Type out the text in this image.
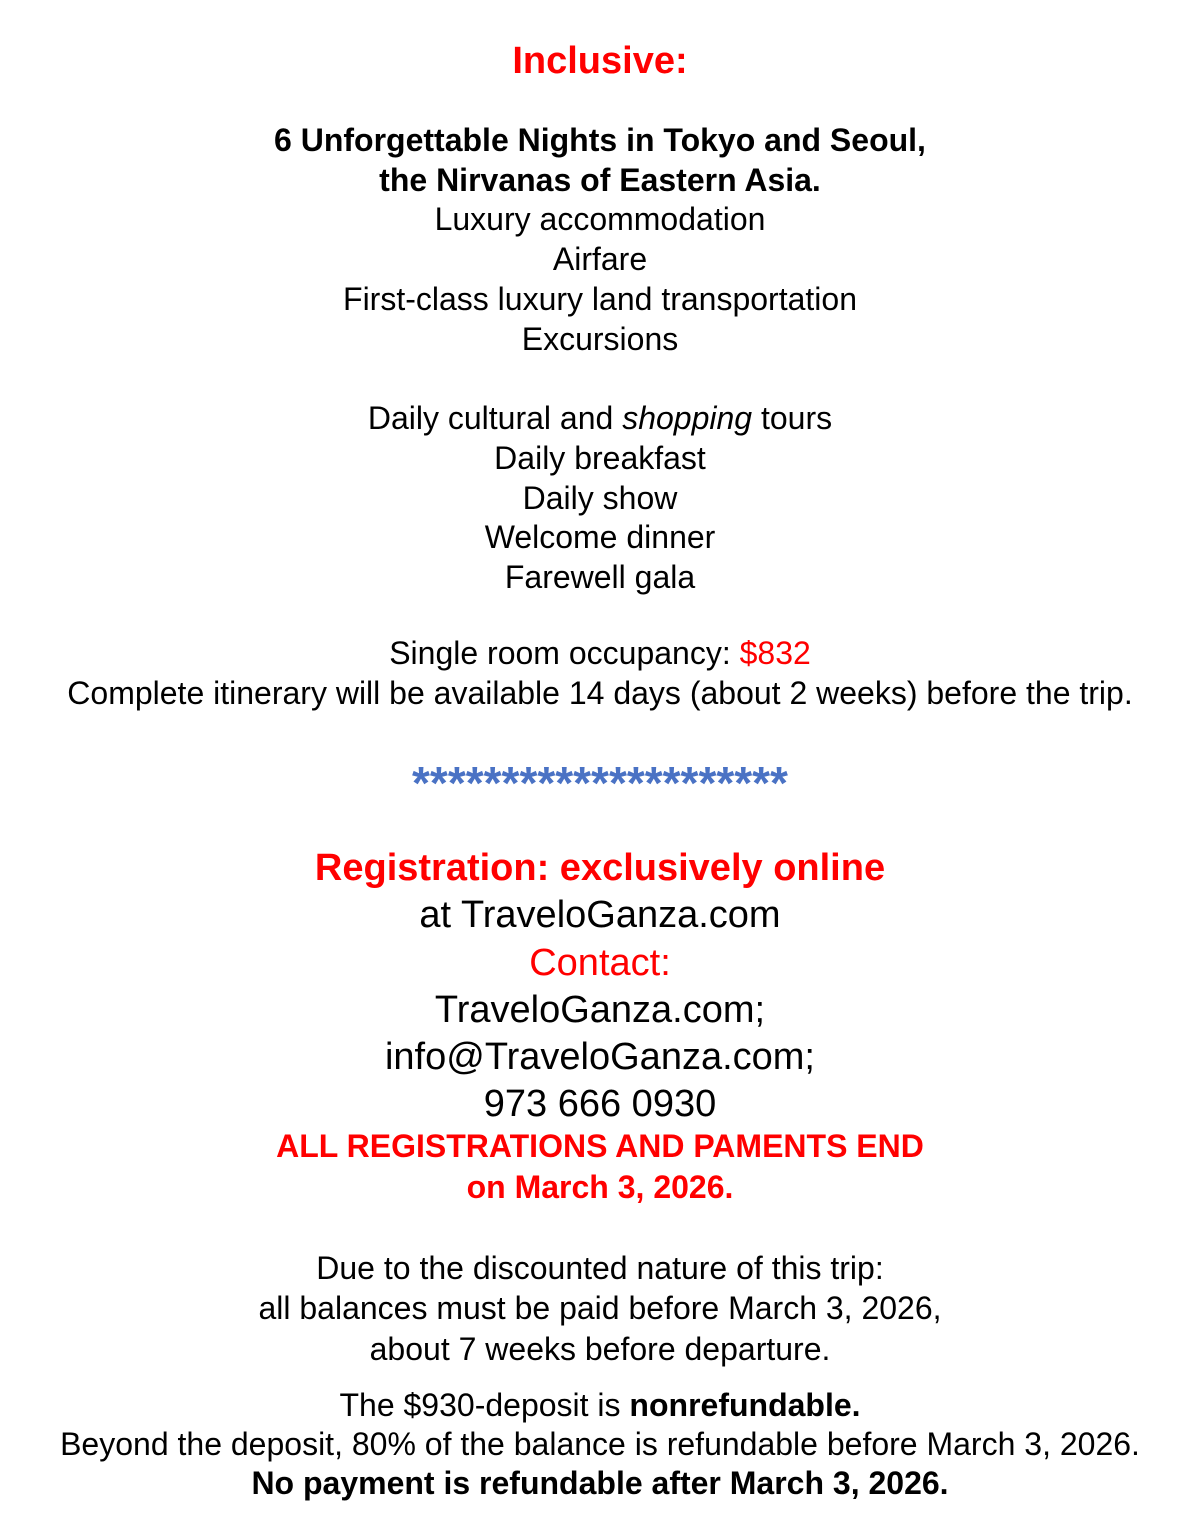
Inclusive:
6 Unforgettable Nights in Tokyo and Seoul,
the Nirvanas of Eastern Asia.
Luxury accommodation
Airfare
First-class luxury land transportation
Excursions
Daily cultural and shopping tours
Daily breakfast
Daily show
Welcome dinner
Farewell gala
Single room occupancy: $832
Complete itinerary will be available 14 days (about 2 weeks) before the trip.
*********************
Registration: exclusively online
at TraveloGanza.com
Contact:
TraveloGanza.com;
info@TraveloGanza.com;
973 666 0930
ALL REGISTRATIONS AND PAMENTS END
on March 3, 2026.
Due to the discounted nature of this trip:
all balances must be paid before March 3, 2026,
about 7 weeks before departure.
The $930-deposit is nonrefundable.
Beyond the deposit, 80% of the balance is refundable before March 3, 2026.
No payment is refundable after March 3, 2026.
